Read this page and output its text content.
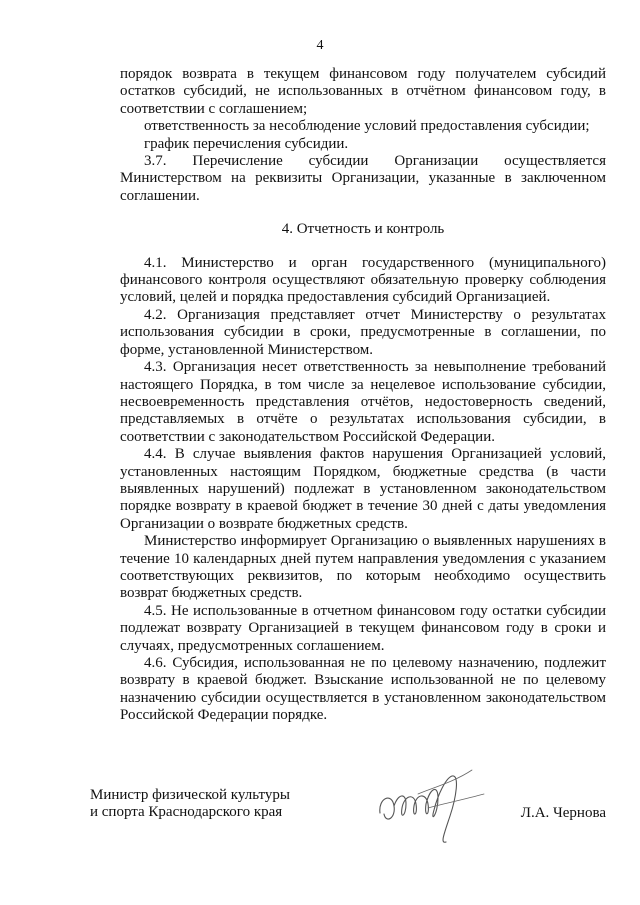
4

порядок возврата в текущем финансовом году получателем субсидий остатков субсидий, не использованных в отчётном финансовом году, в соответствии с соглашением;

ответственность за несоблюдение условий предоставления субсидии;

график перечисления субсидии.

3.7. Перечисление субсидии Организации осуществляется Министерством на реквизиты Организации, указанные в заключенном соглашении.

4. Отчетность и контроль

4.1. Министерство и орган государственного (муниципального) финансового контроля осуществляют обязательную проверку соблюдения условий, целей и порядка предоставления субсидий Организацией.

4.2. Организация представляет отчет Министерству о результатах использования субсидии в сроки, предусмотренные в соглашении, по форме, установленной Министерством.

4.3. Организация несет ответственность за невыполнение требований настоящего Порядка, в том числе за нецелевое использование субсидии, несвоевременность представления отчётов, недостоверность сведений, представляемых в отчёте о результатах использования субсидии, в соответствии с законодательством Российской Федерации.

4.4. В случае выявления фактов нарушения Организацией условий, установленных настоящим Порядком, бюджетные средства (в части выявленных нарушений) подлежат в установленном законодательством порядке возврату в краевой бюджет в течение 30 дней с даты уведомления Организации о возврате бюджетных средств.

Министерство информирует Организацию о выявленных нарушениях в течение 10 календарных дней путем направления уведомления с указанием соответствующих реквизитов, по которым необходимо осуществить возврат бюджетных средств.

4.5. Не использованные в отчетном финансовом году остатки субсидии подлежат возврату Организацией в текущем финансовом году в сроки и случаях, предусмотренных соглашением.

4.6. Субсидия, использованная не по целевому назначению, подлежит возврату в краевой бюджет. Взыскание использованной не по целевому назначению субсидии осуществляется в установленном законодательством Российской Федерации порядке.

Министр физической культуры
и спорта Краснодарского края	Л.А. Чернова
